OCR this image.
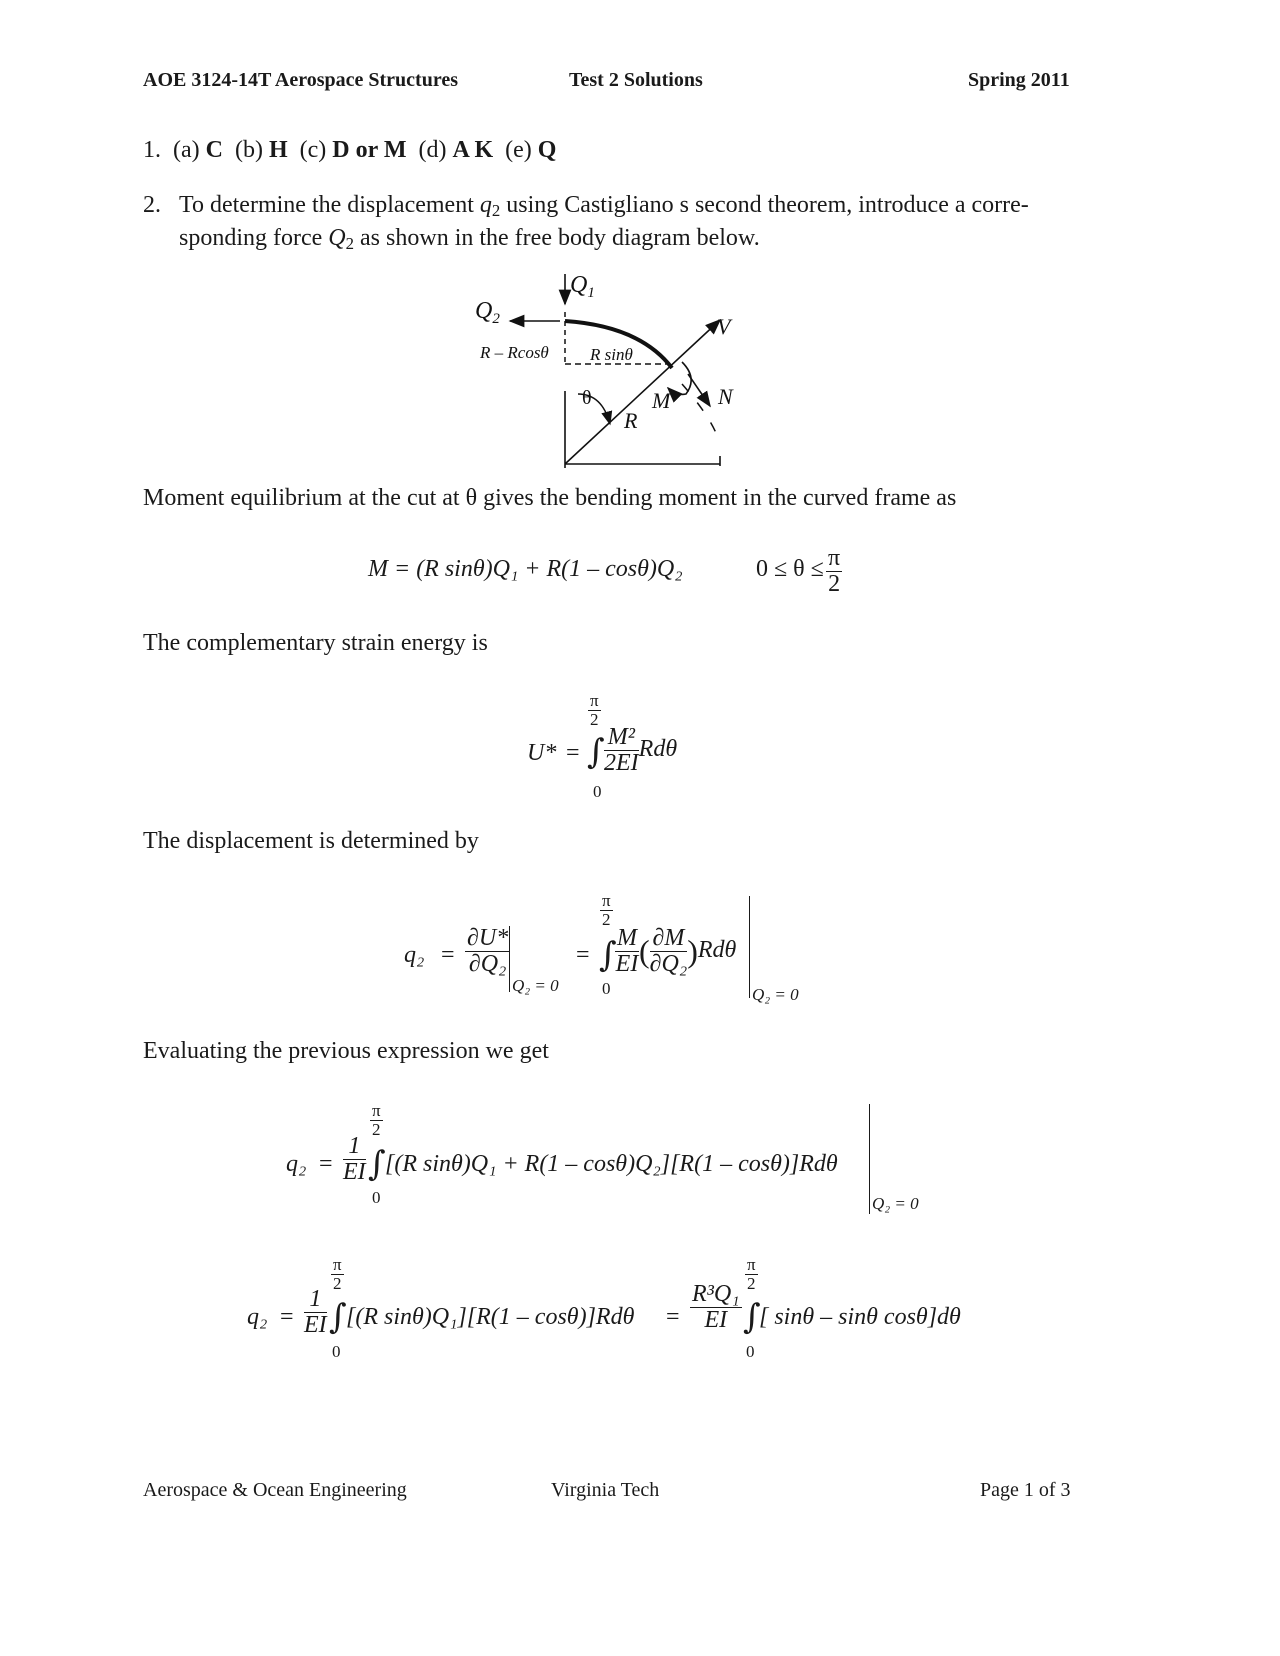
AOE 3124-14T Aerospace Structures	Test 2 Solutions	Spring 2011
1. (a) C (b) H (c) D or M (d) A K (e) Q
2. To determine the displacement $q_2$ using Castigliano s second theorem, introduce a corre-
sponding force $Q_2$ as shown in the free body diagram below.
$Q_1$
$Q_2$
R – Rcosθ R sinθ
V
N
M
R
θ
Moment equilibrium at the cut at θ gives the bending moment in the curved frame as
M = (R sinθ)Q₁ + R(1 – cosθ)Q₂	$0 \le \theta \le \frac{\pi}{2}$
The complementary strain energy is
U* =
$\frac{\pi}{2}$
∫ $\frac{\text{M²}}{2EI}$ Rdθ
0
The displacement is determined by
$q_2 = \frac{\partial U*}{\text{∂Q₂}}$
Q₂ = 0
=
$\frac{\pi}{2}$
∫
$\frac{M}{EI}$ ( $\frac{\partial M}{\text{∂Q₂}} )Rd\theta$
0	Q₂ = 0
Evaluating the previous expression we get
$q_2 = \frac{1}{EI}$
$\frac{\pi}{2}$
∫ [(R sinθ)Q₁ + R(1 – cosθ)Q₂][R(1 – cosθ)]Rdθ
0	Q₂ = 0
$q_2 = \frac{1}{EI}$
$\frac{\pi}{2}$
∫ [(R sinθ)Q₁][R(1 – cosθ)]Rdθ
0
= $\frac{\text{R³Q₁}}{EI}$
$\frac{\pi}{2}$
∫
[ sinθ – sinθ cosθ]dθ
0
Aerospace & Ocean Engineering	Virginia Tech	Page 1 of 3
